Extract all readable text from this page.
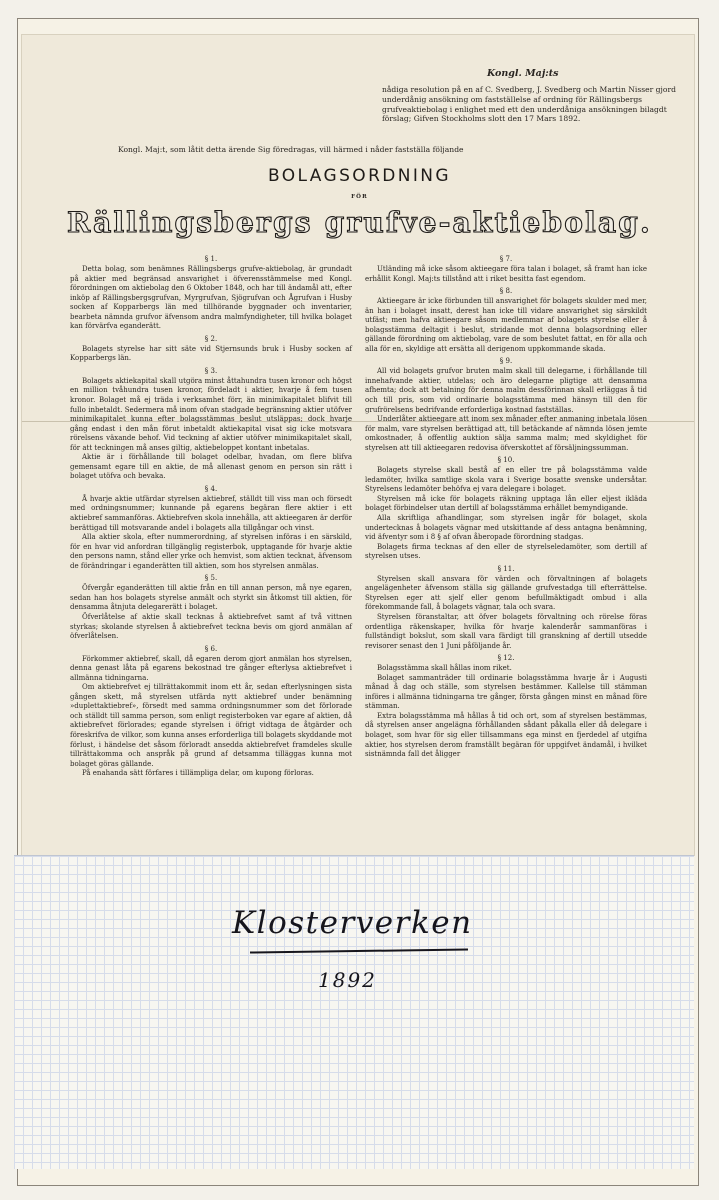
Kongl. Maj:ts
nådiga resolution på en af C. Svedberg, J. Svedberg och Martin Nisser gjord underdånig ansökning om fastställelse af ordning för Rällingsbergs grufveaktiebolag i enlighet med ett den underdåniga ansökningen bilagdt förslag; Gifven Stockholms slott den 17 Mars 1892.
Kongl. Maj:t, som låtit detta ärende Sig föredragas, vill härmed i nåder fastställa följande
BOLAGSORDNING
FÖR
Rällingsbergs grufve-aktiebolag.

§ 1.

Detta bolag, som benämnes Rällingsbergs grufve-aktiebolag, är grundadt på aktier med begränsad ansvarighet i öfverensstämmelse med Kongl. förordningen om aktiebolag den 6 Oktober 1848, och har till ändamål att, efter inköp af Rällingsbergsgrufvan, Myrgrufvan, Sjögrufvan och Ågrufvan i Husby socken af Kopparbergs län med tillhörande byggnader och inventarier, bearbeta nämnda grufvor äfvensom andra malmfyndigheter, till hvilka bolaget kan förvärfva eganderätt.

§ 2.

Bolagets styrelse har sitt säte vid Stjernsunds bruk i Husby socken af Kopparbergs län.

§ 3.

Bolagets aktiekapital skall utgöra minst åttahundra tusen kronor och högst en million tvåhundra tusen kronor, fördeladt i aktier, hvarje å fem tusen kronor. Bolaget må ej träda i verksamhet förr, än minimikapitalet blifvit till fullo inbetaldt. Sedermera må inom ofvan stadgade begränsning aktier utöfver minimikapitalet kunna efter bolagsstämmas beslut utsläppas; dock hvarje gång endast i den mån förut inbetaldt aktiekapital visat sig icke motsvara rörelsens växande behof. Vid teckning af aktier utöfver minimikapitalet skall, för att teckningen må anses giltig, aktiebeloppet kontant inbetalas.

Aktie är i förhållande till bolaget odelbar, hvadan, om flere blifva gemensamt egare till en aktie, de må allenast genom en person sin rätt i bolaget utöfva och bevaka.

§ 4.

Å hvarje aktie utfärdar styrelsen aktiebref, ställdt till viss man och försedt med ordningsnummer; kunnande på egarens begäran flere aktier i ett aktiebref sammanföras. Aktiebrefven skola innehålla, att aktieegaren är derför berättigad till motsvarande andel i bolagets alla tillgångar och vinst.

Alla aktier skola, efter nummerordning, af styrelsen införas i en särskild, för en hvar vid anfordran tillgänglig registerbok, upptagande för hvarje aktie den persons namn, stånd eller yrke och hemvist, som aktien tecknat, äfvensom de förändringar i eganderätten till aktien, som hos styrelsen anmälas.

§ 5.

Öfvergår eganderätten till aktie från en till annan person, må nye egaren, sedan han hos bolagets styrelse anmält och styrkt sin åtkomst till aktien, för densamma åtnjuta delegarerätt i bolaget.

Öfverlåtelse af aktie skall tecknas å aktiebrefvet samt af två vittnen styrkas; skolande styrelsen å aktiebrefvet teckna bevis om gjord anmälan af öfverlåtelsen.

§ 6.

Förkommer aktiebref, skall, då egaren derom gjort anmälan hos styrelsen, denna genast låta på egarens bekostnad tre gånger efterlysa aktiebrefvet i allmänna tidningarna.

Om aktiebrefvet ej tillrättakommit inom ett år, sedan efterlysningen sista gången skett, må styrelsen utfärda nytt aktiebref under benämning »duplettaktiebref», försedt med samma ordningsnummer som det förlorade och ställdt till samma person, som enligt registerboken var egare af aktien, då aktiebrefvet förlorades; egande styrelsen i öfrigt vidtaga de åtgärder och föreskrifva de vilkor, som kunna anses erforderliga till bolagets skyddande mot förlust, i händelse det såsom förloradt ansedda aktiebrefvet framdeles skulle tillrättakomma och anspråk på grund af detsamma tilläggas kunna mot bolaget göras gällande.

På enahanda sätt förfares i tillämpliga delar, om kupong förloras.

§ 7.

Utländing må icke såsom aktieegare föra talan i bolaget, så framt han icke erhållit Kongl. Maj:ts tillstånd att i riket besitta fast egendom.

§ 8.

Aktieegare är icke förbunden till ansvarighet för bolagets skulder med mer, än han i bolaget insatt, derest han icke till vidare ansvarighet sig särskildt utfäst; men hafva aktieegare såsom medlemmar af bolagets styrelse eller å bolagsstämma deltagit i beslut, stridande mot denna bolagsordning eller gällande förordning om aktiebolag, vare de som beslutet fattat, en för alla och alla för en, skyldige att ersätta all derigenom uppkommande skada.

§ 9.

All vid bolagets grufvor bruten malm skall till delegarne, i förhållande till innehafvande aktier, utdelas; och äro delegarne pligtige att densamma afhemta; dock att betalning för denna malm dessförinnan skall erläggas å tid och till pris, som vid ordinarie bolagsstämma med hänsyn till den för grufrörelsens bedrifvande erforderliga kostnad fastställas.

Underlåter aktieegare att inom sex månader efter anmaning inbetala lösen för malm, vare styrelsen berättigad att, till betäckande af nämnda lösen jemte omkostnader, å offentlig auktion sälja samma malm; med skyldighet för styrelsen att till aktieegaren redovisa öfverskottet af försäljningssumman.

§ 10.

Bolagets styrelse skall bestå af en eller tre på bolagsstämma valde ledamöter, hvilka samtlige skola vara i Sverige bosatte svenske undersåtar. Styrelsens ledamöter behöfva ej vara delegare i bolaget.

Styrelsen må icke för bolagets räkning upptaga lån eller eljest ikläda bolaget förbindelser utan dertill af bolagsstämma erhållet bemyndigande.

Alla skriftliga afhandlingar, som styrelsen ingår för bolaget, skola undertecknas å bolagets vägnar med utskittande af dess antagna benämning, vid äfventyr som i 8 § af ofvan åberopade förordning stadgas.

Bolagets firma tecknas af den eller de styrelseledamöter, som dertill af styrelsen utses.

§ 11.

Styrelsen skall ansvara för värden och förvaltningen af bolagets angelägenheter äfvensom ställa sig gällande grufvestadga till efterrättelse. Styrelsen eger att sjelf eller genom befullmäktigadt ombud i alla förekommande fall, å bolagets vägnar, tala och svara.

Styrelsen föranstaltar, att öfver bolagets förvaltning och rörelse föras ordentliga räkenskaper, hvilka för hvarje kalenderår sammanföras i fullständigt bokslut, som skall vara färdigt till granskning af dertill utsedde revisorer senast den 1 Juni påföljande år.

§ 12.

Bolagsstämma skall hållas inom riket.

Bolaget sammanträder till ordinarie bolagsstämma hvarje år i Augusti månad å dag och ställe, som styrelsen bestämmer. Kallelse till stämman införes i allmänna tidningarna tre gånger, första gången minst en månad före stämman.

Extra bolagsstämma må hållas å tid och ort, som af styrelsen bestämmas, då styrelsen anser angelägna förhållanden sådant påkalla eller då delegare i bolaget, som hvar för sig eller tillsammans ega minst en fjerdedel af utgifna aktier, hos styrelsen derom framställt begäran för uppgifvet ändamål, i hvilket sistnämnda fall det åligger

Klosterverken
1892
